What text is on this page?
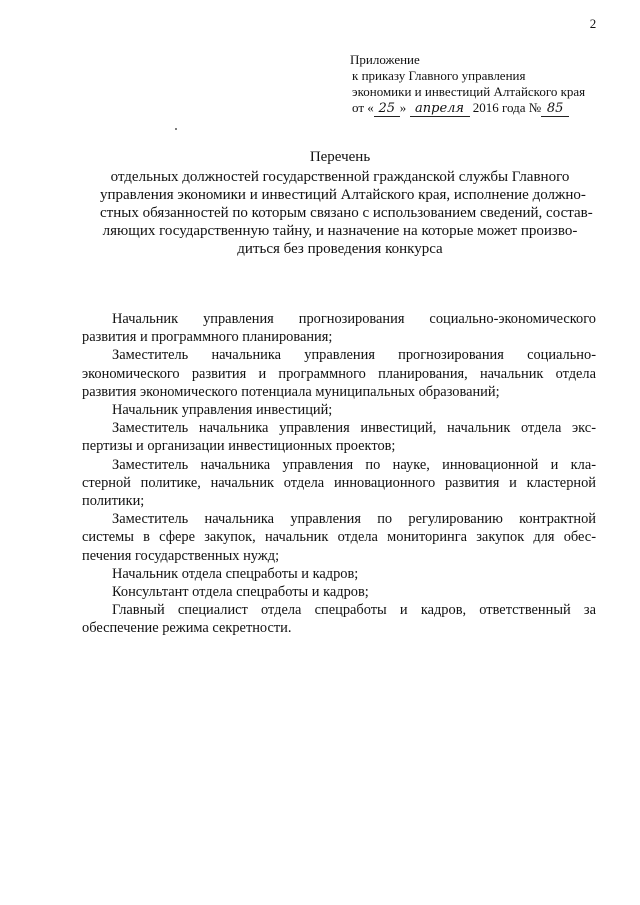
2
Приложение
к приказу Главного управления
экономики и инвестиций Алтайского края
от « 25 » апреля 2016 года № 85
Перечень
отдельных должностей государственной гражданской службы Главного
управления экономики и инвестиций Алтайского края, исполнение должно-
стных обязанностей по которым связано с использованием сведений, состав-
ляющих государственную тайну, и назначение на которые может произво-
диться без проведения конкурса
Начальник управления прогнозирования социально-экономического
развития и программного планирования;
Заместитель начальника управления прогнозирования социально-
экономического развития и программного планирования, начальник отдела
развития экономического потенциала муниципальных образований;
Начальник управления инвестиций;
Заместитель начальника управления инвестиций, начальник отдела экс-
пертизы и организации инвестиционных проектов;
Заместитель начальника управления по науке, инновационной и кла-
стерной политике, начальник отдела инновационного развития и кластерной
политики;
Заместитель начальника управления по регулированию контрактной
системы в сфере закупок, начальник отдела мониторинга закупок для обес-
печения государственных нужд;
Начальник отдела спецработы и кадров;
Консультант отдела спецработы и кадров;
Главный специалист отдела спецработы и кадров, ответственный за
обеспечение режима секретности.
